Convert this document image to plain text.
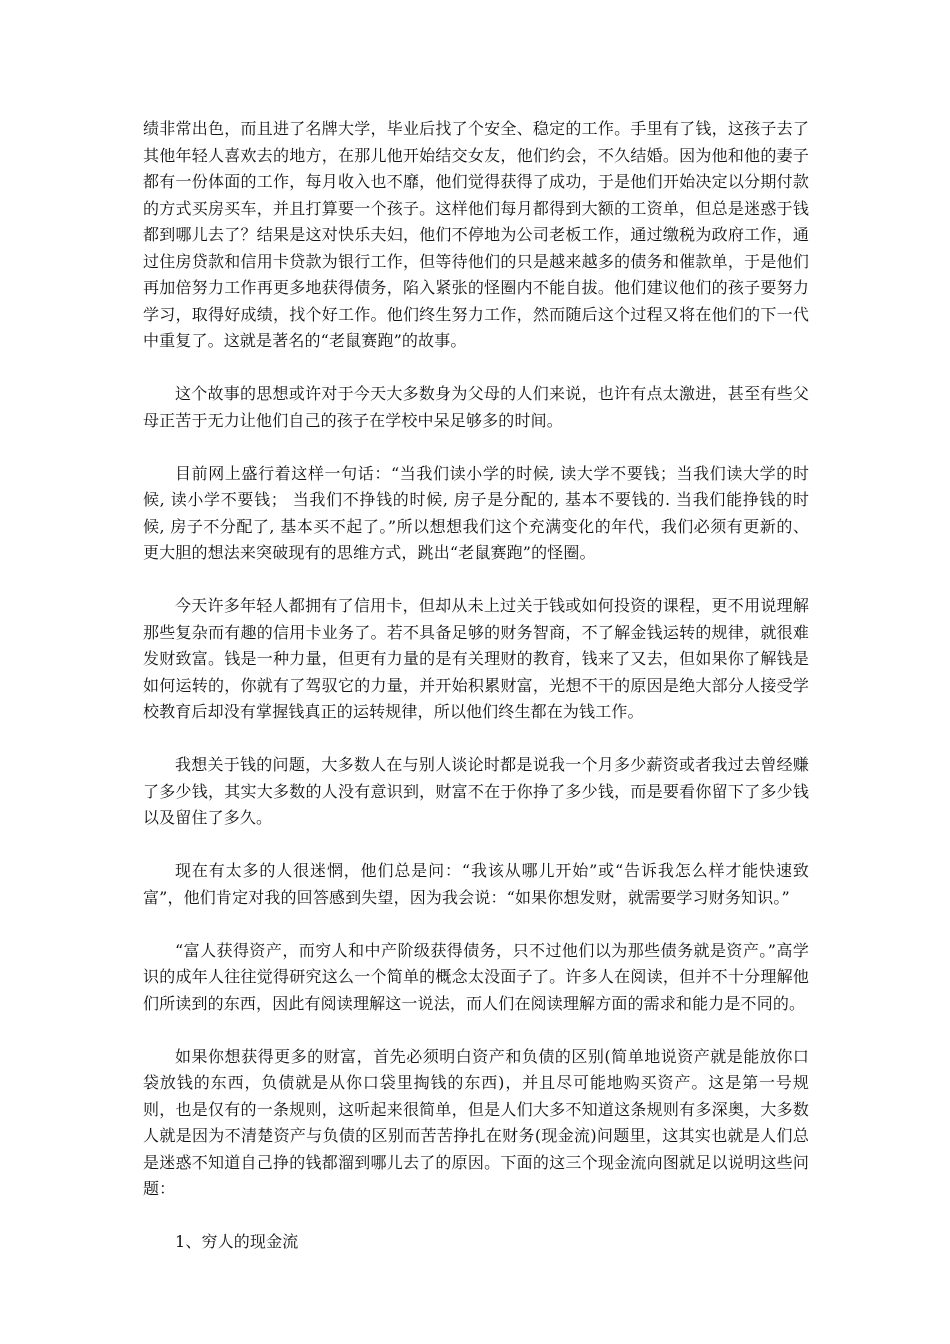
绩非常出色，而且进了名牌大学，毕业后找了个安全、稳定的工作。手里有了钱，这孩子去了其他年轻人喜欢去的地方，在那儿他开始结交女友，他们约会，不久结婚。因为他和他的妻子都有一份体面的工作，每月收入也不靡，他们觉得获得了成功，于是他们开始决定以分期付款的方式买房买车，并且打算要一个孩子。这样他们每月都得到大额的工资单，但总是迷惑于钱都到哪儿去了？结果是这对快乐夫妇，他们不停地为公司老板工作，通过缴税为政府工作，通过住房贷款和信用卡贷款为银行工作，但等待他们的只是越来越多的债务和催款单，于是他们再加倍努力工作再更多地获得债务，陷入紧张的怪圈内不能自拔。他们建议他们的孩子要努力学习，取得好成绩，找个好工作。他们终生努力工作，然而随后这个过程又将在他们的下一代中重复了。这就是著名的“老鼠赛跑”的故事。

这个故事的思想或许对于今天大多数身为父母的人们来说，也许有点太激进，甚至有些父母正苦于无力让他们自己的孩子在学校中呆足够多的时间。

目前网上盛行着这样一句话：“当我们读小学的时候, 读大学不要钱；当我们读大学的时候, 读小学不要钱； 当我们不挣钱的时候, 房子是分配的, 基本不要钱的. 当我们能挣钱的时候, 房子不分配了, 基本买不起了。”所以想想我们这个充满变化的年代，我们必须有更新的、更大胆的想法来突破现有的思维方式，跳出“老鼠赛跑”的怪圈。

今天许多年轻人都拥有了信用卡，但却从未上过关于钱或如何投资的课程，更不用说理解那些复杂而有趣的信用卡业务了。若不具备足够的财务智商，不了解金钱运转的规律，就很难发财致富。钱是一种力量，但更有力量的是有关理财的教育，钱来了又去，但如果你了解钱是如何运转的，你就有了驾驭它的力量，并开始积累财富，光想不干的原因是绝大部分人接受学校教育后却没有掌握钱真正的运转规律，所以他们终生都在为钱工作。

我想关于钱的问题，大多数人在与别人谈论时都是说我一个月多少薪资或者我过去曾经赚了多少钱，其实大多数的人没有意识到，财富不在于你挣了多少钱，而是要看你留下了多少钱以及留住了多久。

现在有太多的人很迷惘，他们总是问：“我该从哪儿开始”或“告诉我怎么样才能快速致富”，他们肯定对我的回答感到失望，因为我会说：“如果你想发财，就需要学习财务知识。”

“富人获得资产，而穷人和中产阶级获得债务，只不过他们以为那些债务就是资产。”高学识的成年人往往觉得研究这么一个简单的概念太没面子了。许多人在阅读，但并不十分理解他们所读到的东西，因此有阅读理解这一说法，而人们在阅读理解方面的需求和能力是不同的。

如果你想获得更多的财富，首先必须明白资产和负债的区别(简单地说资产就是能放你口袋放钱的东西，负债就是从你口袋里掏钱的东西)，并且尽可能地购买资产。这是第一号规则，也是仅有的一条规则，这听起来很简单，但是人们大多不知道这条规则有多深奥，大多数人就是因为不清楚资产与负债的区别而苦苦挣扎在财务(现金流)问题里，这其实也就是人们总是迷惑不知道自己挣的钱都溜到哪儿去了的原因。下面的这三个现金流向图就足以说明这些问题：

1、穷人的现金流
